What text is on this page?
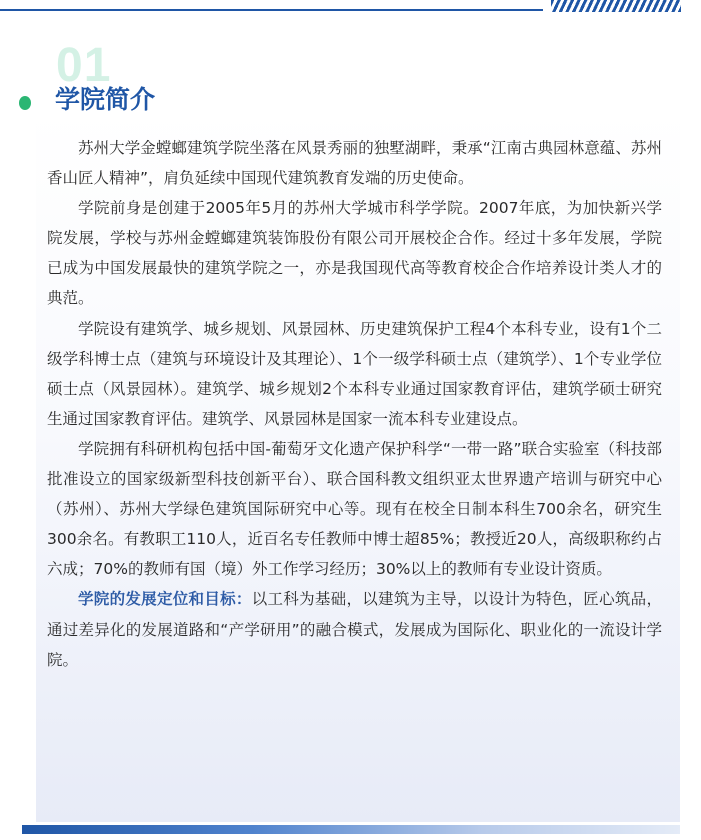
01
学院简介

苏州大学金螳螂建筑学院坐落在风景秀丽的独墅湖畔，秉承“江南古典园林意蕴、苏州香山匠人精神”，肩负延续中国现代建筑教育发端的历史使命。

学院前身是创建于2005年5月的苏州大学城市科学学院。2007年底，为加快新兴学院发展，学校与苏州金螳螂建筑装饰股份有限公司开展校企合作。经过十多年发展，学院已成为中国发展最快的建筑学院之一，亦是我国现代高等教育校企合作培养设计类人才的典范。

学院设有建筑学、城乡规划、风景园林、历史建筑保护工程4个本科专业，设有1个二级学科博士点（建筑与环境设计及其理论）、1个一级学科硕士点（建筑学）、1个专业学位硕士点（风景园林）。建筑学、城乡规划2个本科专业通过国家教育评估，建筑学硕士研究生通过国家教育评估。建筑学、风景园林是国家一流本科专业建设点。

学院拥有科研机构包括中国-葡萄牙文化遗产保护科学“一带一路”联合实验室（科技部批准设立的国家级新型科技创新平台）、联合国科教文组织亚太世界遗产培训与研究中心（苏州）、苏州大学绿色建筑国际研究中心等。现有在校全日制本科生700余名，研究生300余名。有教职工110人，近百名专任教师中博士超85%；教授近20人，高级职称约占六成；70%的教师有国（境）外工作学习经历；30%以上的教师有专业设计资质。

学院的发展定位和目标：以工科为基础，以建筑为主导，以设计为特色，匠心筑品，通过差异化的发展道路和“产学研用”的融合模式，发展成为国际化、职业化的一流设计学院。
